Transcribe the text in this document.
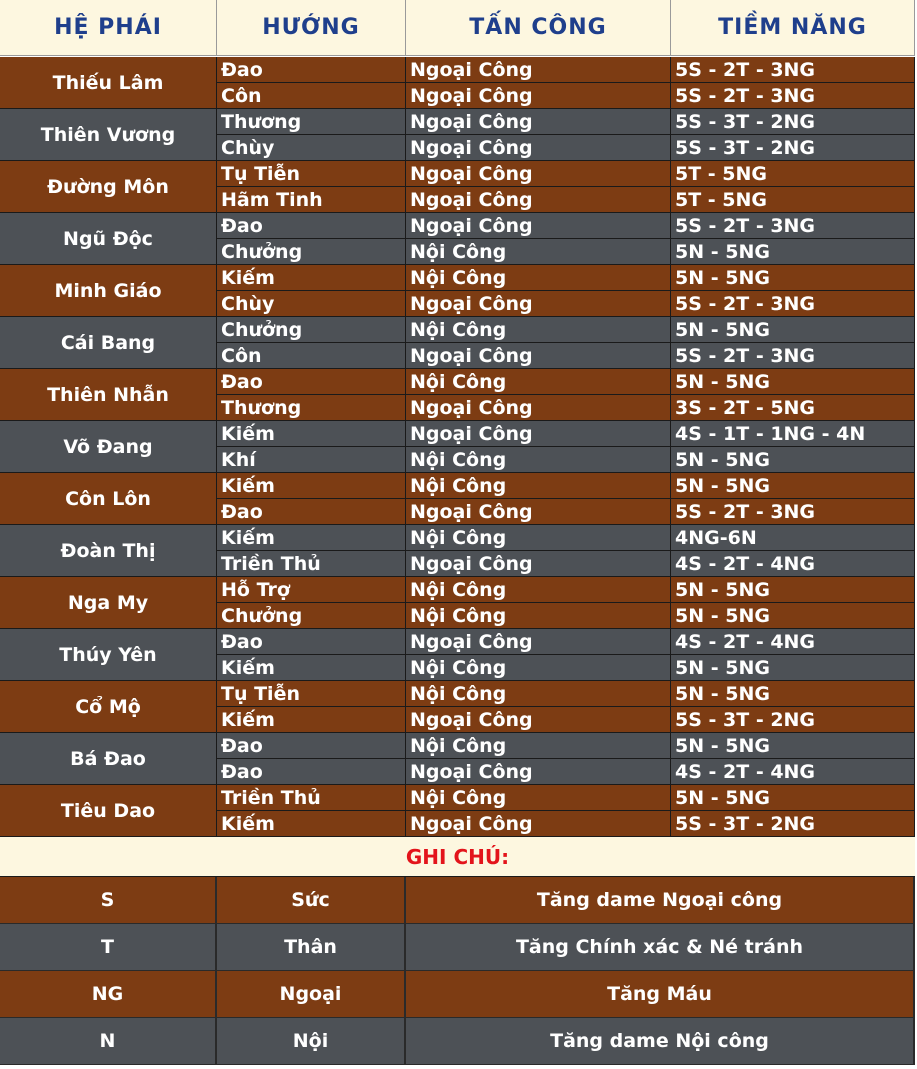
HỆ PHÁI	HƯỚNG	TẤN CÔNG	TIỀM NĂNG
GHI CHÚ:
Thiếu Lâm
Đao	Ngoại Công	5S - 2T - 3NG
Côn	Ngoại Công	5S - 2T - 3NG
Thiên Vương
Thương	Ngoại Công	5S - 3T - 2NG
Chùy	Ngoại Công	5S - 3T - 2NG
Đường Môn
Tụ Tiễn	Ngoại Công	5T - 5NG
Hãm Tinh	Ngoại Công	5T - 5NG
Ngũ Độc
Đao	Ngoại Công	5S - 2T - 3NG
Chưởng	Nội Công	5N - 5NG
Minh Giáo
Kiếm	Nội Công	5N - 5NG
Chùy	Ngoại Công	5S - 2T - 3NG
Cái Bang
Chưởng	Nội Công	5N - 5NG
Côn	Ngoại Công	5S - 2T - 3NG
Thiên Nhẫn
Đao	Nội Công	5N - 5NG
Thương	Ngoại Công	3S - 2T - 5NG
Võ Đang
Kiếm	Ngoại Công	4S - 1T - 1NG - 4N
Khí	Nội Công	5N - 5NG
Côn Lôn
Kiếm	Nội Công	5N - 5NG
Đao	Ngoại Công	5S - 2T - 3NG
Đoàn Thị
Kiếm	Nội Công	4NG-6N
Triền Thủ	Ngoại Công	4S - 2T - 4NG
Nga My
Hỗ Trợ	Nội Công	5N - 5NG
Chưởng	Nội Công	5N - 5NG
Thúy Yên
Đao	Ngoại Công	4S - 2T - 4NG
Kiếm	Nội Công	5N - 5NG
Cổ Mộ
Tụ Tiễn	Nội Công	5N - 5NG
Kiếm	Ngoại Công	5S - 3T - 2NG
Bá Đao
Đao	Nội Công	5N - 5NG
Đao	Ngoại Công	4S - 2T - 4NG
Tiêu Dao
Triền Thủ	Nội Công	5N - 5NG
Kiếm	Ngoại Công	5S - 3T - 2NG
S	Sức	Tăng dame Ngoại công
T	Thân	Tăng Chính xác & Né tránh
NG	Ngoại	Tăng Máu
N	Nội	Tăng dame Nội công
